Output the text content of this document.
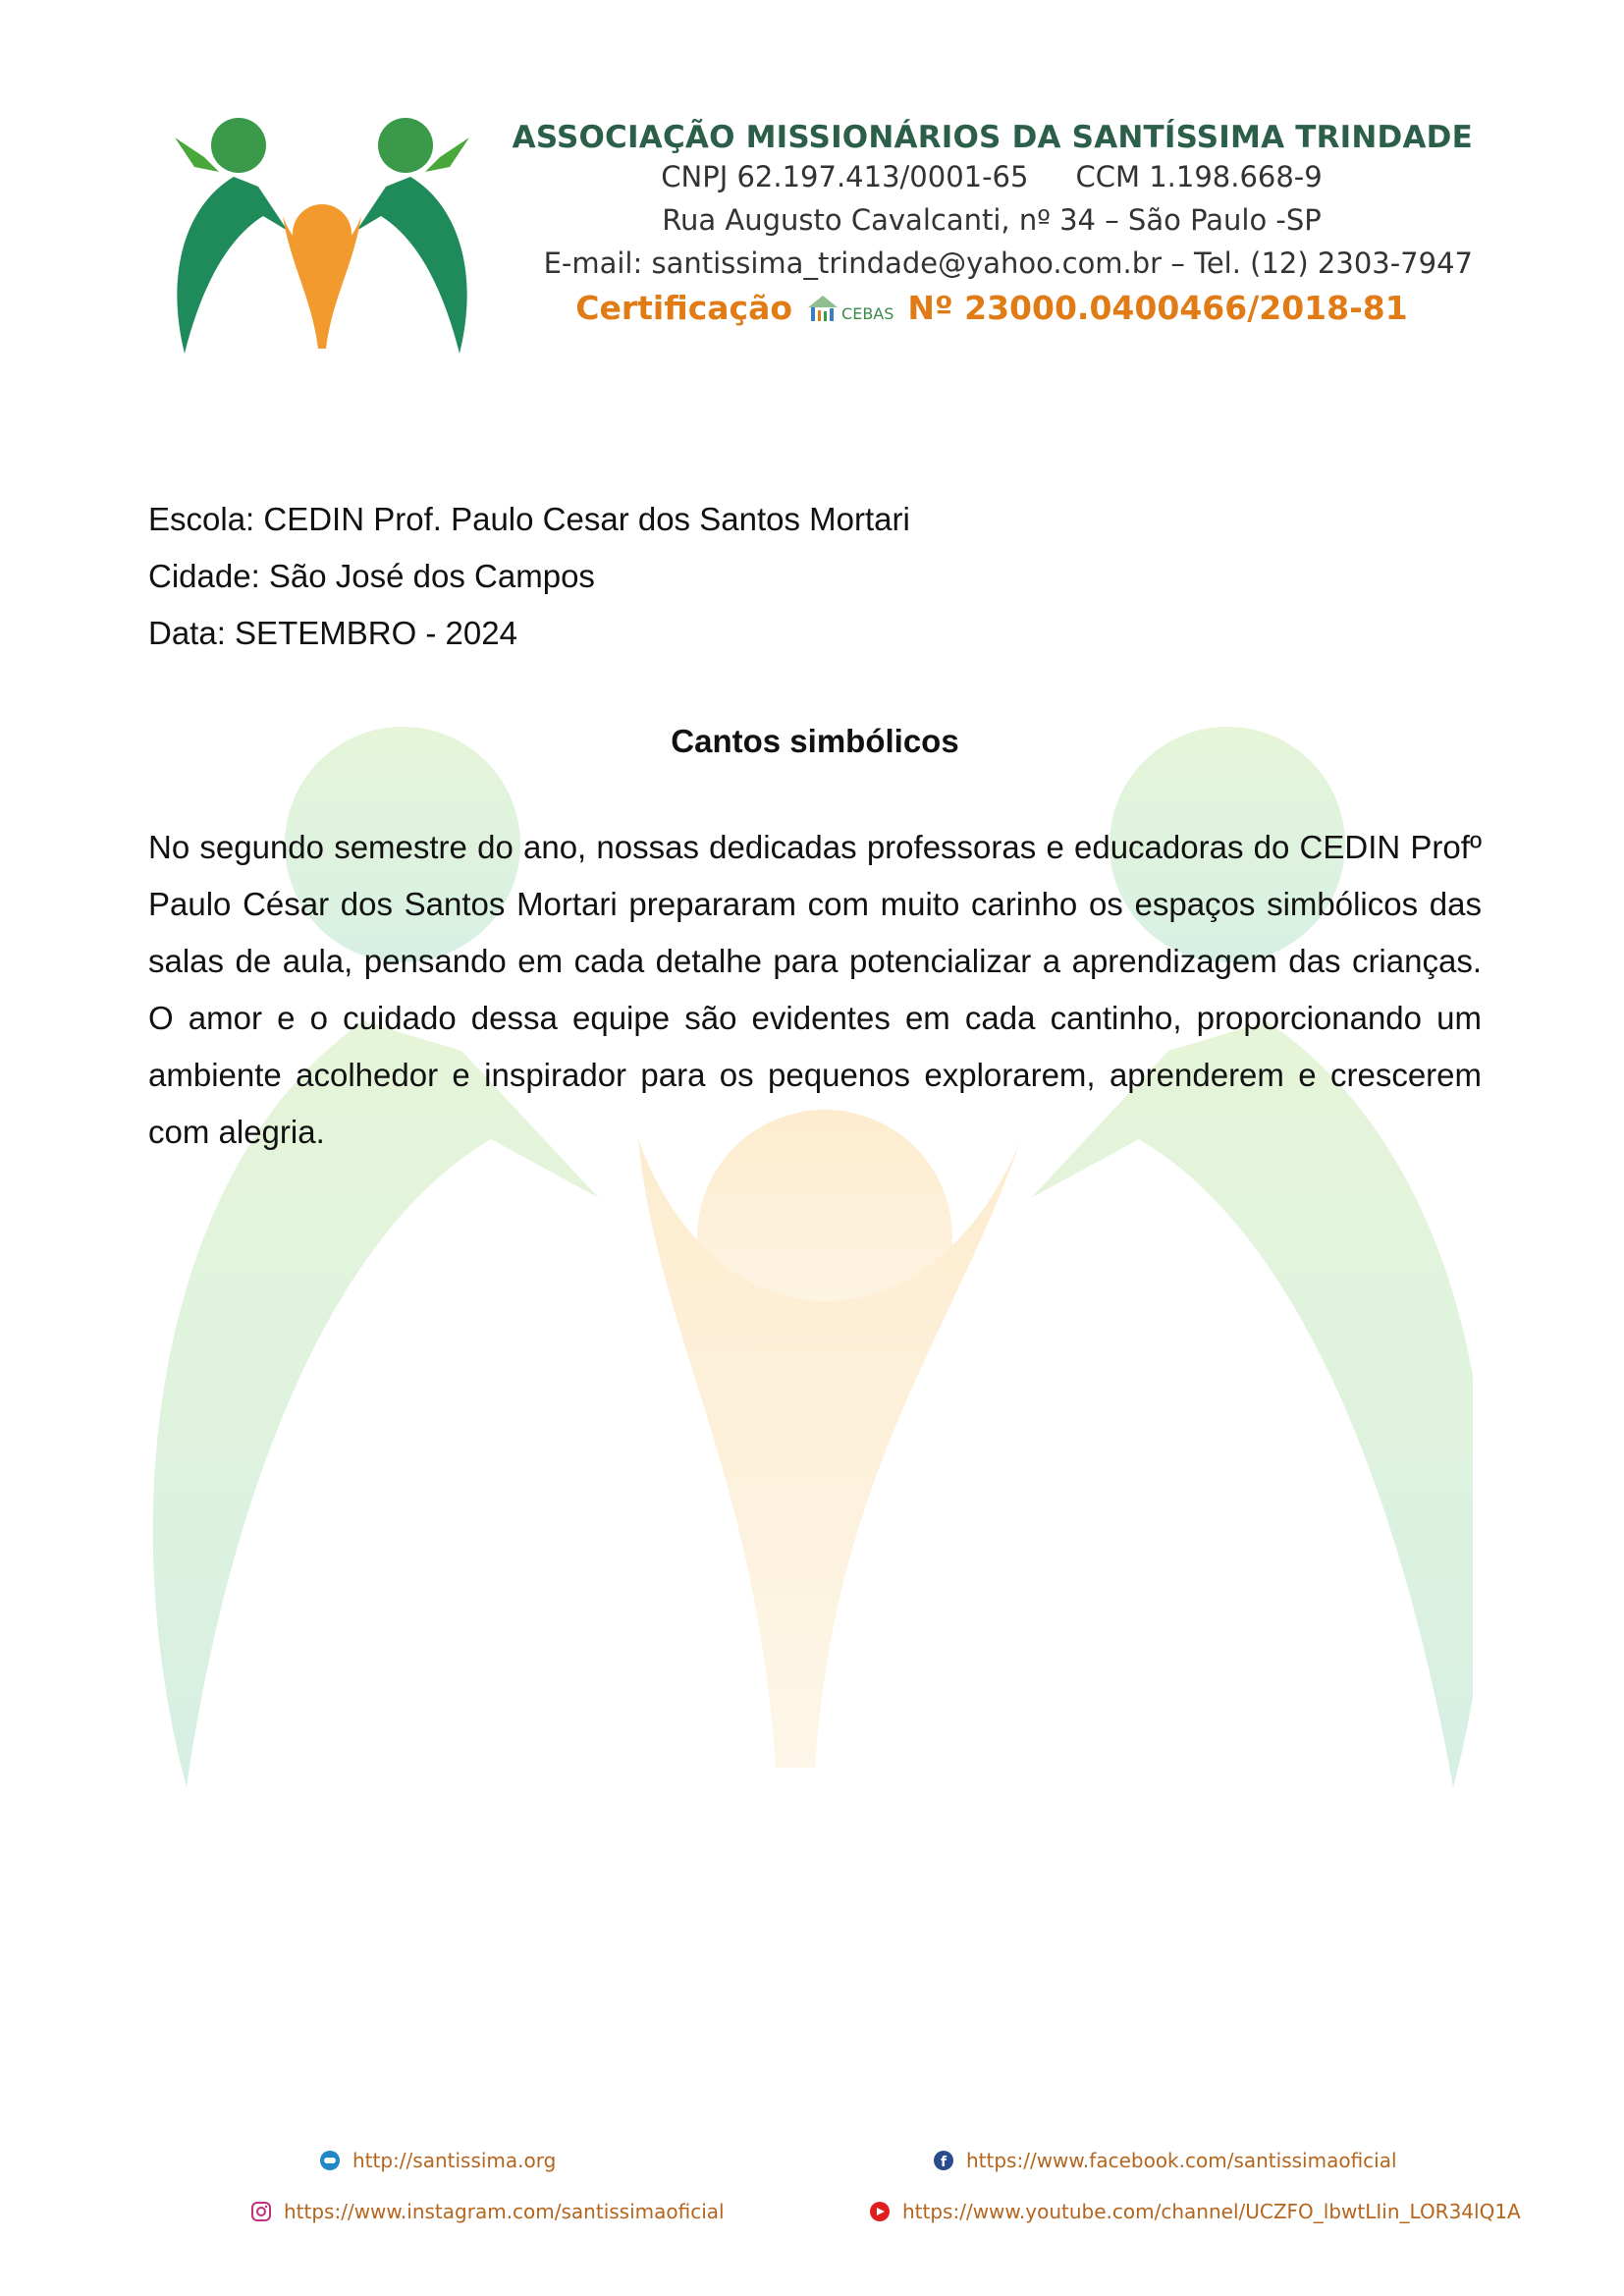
ASSOCIAÇÃO MISSIONÁRIOS DA SANTÍSSIMA TRINDADE
CNPJ 62.197.413/0001-65 CCM 1.198.668-9
Rua Augusto Cavalcanti, nº 34 – São Paulo -SP
E-mail: santissima_trindade@yahoo.com.br – Tel. (12) 2303-7947
Certificação	CEBAS Nº 23000.0400466/2018-81

Escola: CEDIN Prof. Paulo Cesar dos Santos Mortari

Cidade: São José dos Campos

Data: SETEMBRO - 2024

Cantos simbólicos

No segundo semestre do ano, nossas dedicadas professoras e educadoras do CEDIN Profº Paulo César dos Santos Mortari prepararam com muito carinho os espaços simbólicos das salas de aula, pensando em cada detalhe para potencializar a aprendizagem das crianças. O amor e o cuidado dessa equipe são evidentes em cada cantinho, proporcionando um ambiente acolhedor e inspirador para os pequenos explorarem, aprenderem e crescerem com alegria.

http://santissima.org	f https://www.facebook.com/santissimaoficial
https://www.instagram.com/santissimaoficial	https://www.youtube.com/channel/UCZFO_lbwtLIin_LOR34lQ1A
